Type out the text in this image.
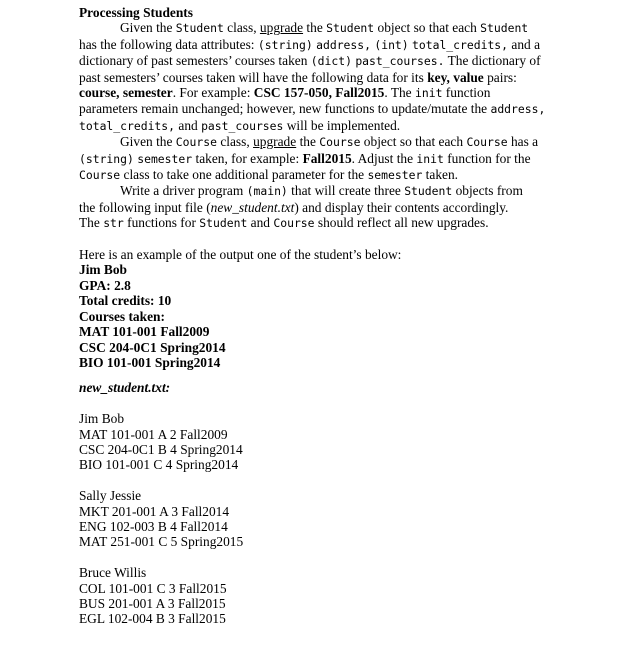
Processing Students
Given the Student class, upgrade the Student object so that each Student
has the following data attributes: (string) address, (int) total_credits, and a
dictionary of past semesters’ courses taken (dict) past_courses. The dictionary of
past semesters’ courses taken will have the following data for its key, value pairs:
course, semester. For example: CSC 157-050, Fall2015. The init function
parameters remain unchanged; however, new functions to update/mutate the address,
total_credits, and past_courses will be implemented.
Given the Course class, upgrade the Course object so that each Course has a
(string) semester taken, for example: Fall2015. Adjust the init function for the
Course class to take one additional parameter for the semester taken.
Write a driver program (main) that will create three Student objects from
the following input file (new_student.txt) and display their contents accordingly.
The str functions for Student and Course should reflect all new upgrades.
Here is an example of the output one of the student’s below:
Jim Bob
GPA: 2.8
Total credits: 10
Courses taken:
MAT 101-001 Fall2009
CSC 204-0C1 Spring2014
BIO 101-001 Spring2014
new_student.txt:
Jim Bob
MAT 101-001 A 2 Fall2009
CSC 204-0C1 B 4 Spring2014
BIO 101-001 C 4 Spring2014
Sally Jessie
MKT 201-001 A 3 Fall2014
ENG 102-003 B 4 Fall2014
MAT 251-001 C 5 Spring2015
Bruce Willis
COL 101-001 C 3 Fall2015
BUS 201-001 A 3 Fall2015
EGL 102-004 B 3 Fall2015
